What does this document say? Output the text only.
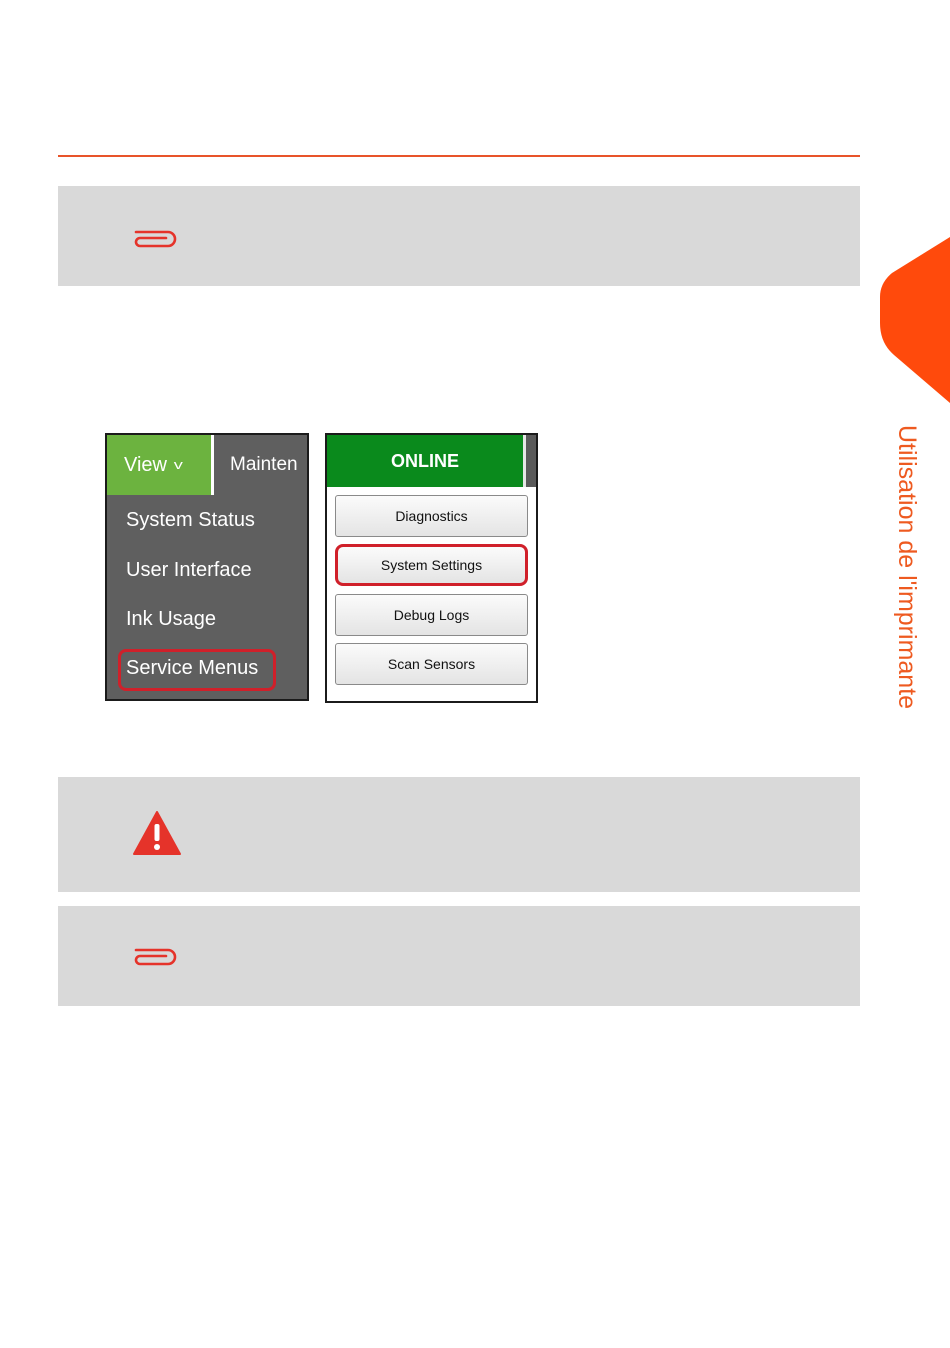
View v	Mainten
System Status
User Interface
Ink Usage
Service Menus
ONLINE
Diagnostics
System Settings
Debug Logs
Scan Sensors	Utilisation de l'imprimante
